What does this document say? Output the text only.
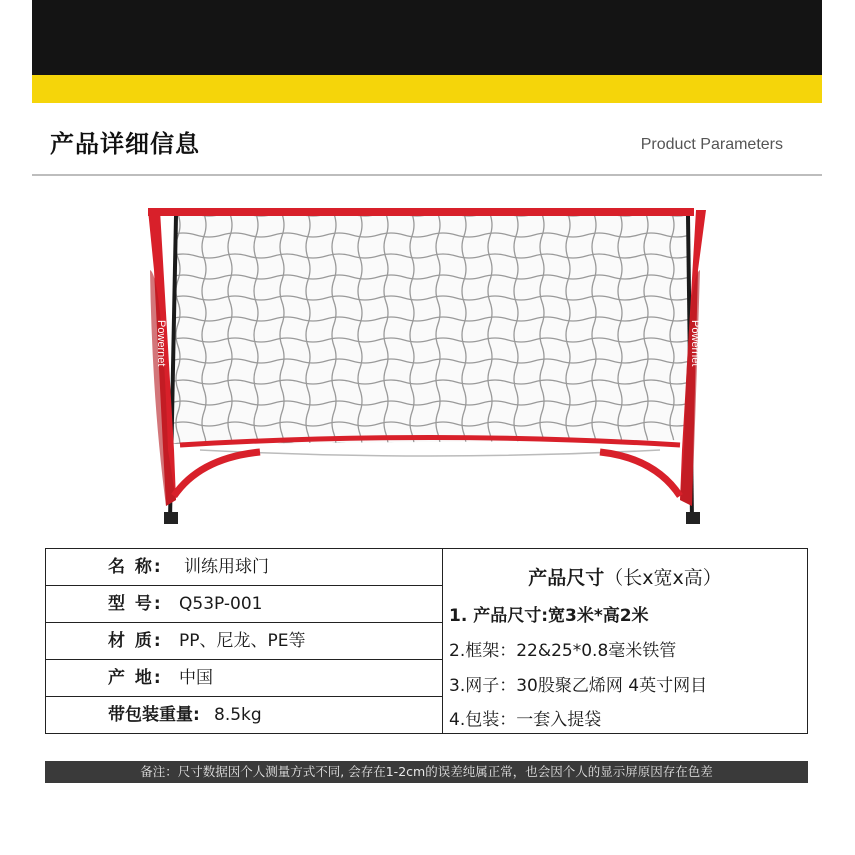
产品详细信息	Product Parameters
Powernet	Powernet
名 称: 训练用球门
型 号: Q53P-001
材 质: PP、尼龙、PE等
产 地: 中国
带包装重量: 8.5kg
产品尺寸（长x宽x高）
1. 产品尺寸:宽3米*高2米
2.框架：22&25*0.8毫米铁管
3.网子：30股聚乙烯网 4英寸网目
4.包装：一套入提袋
备注：尺寸数据因个人测量方式不同, 会存在1-2cm的误差纯属正常，也会因个人的显示屏原因存在色差
